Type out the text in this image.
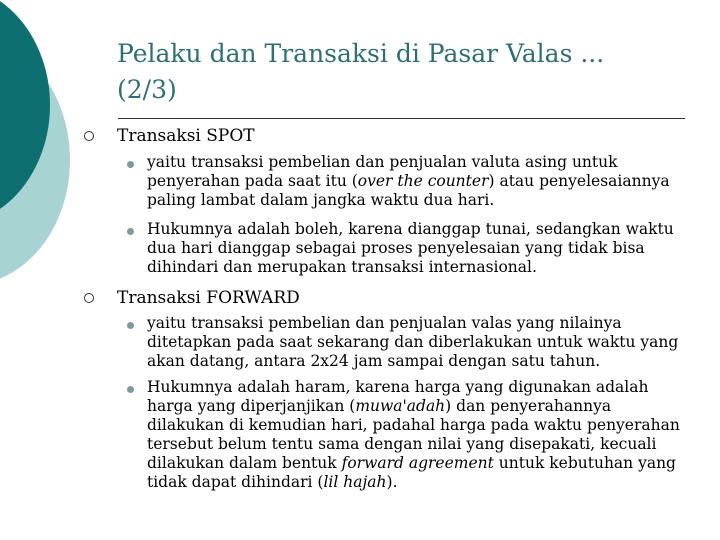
Pelaku dan Transaksi di Pasar Valas ...
(2/3)
Transaksi SPOT
yaitu transaksi pembelian dan penjualan valuta asing untuk penyerahan pada saat itu (over the counter) atau penyelesaiannya paling lambat dalam jangka waktu dua hari.
Hukumnya adalah boleh, karena dianggap tunai, sedangkan waktu dua hari dianggap sebagai proses penyelesaian yang tidak bisa dihindari dan merupakan transaksi internasional.
Transaksi FORWARD
yaitu transaksi pembelian dan penjualan valas yang nilainya ditetapkan pada saat sekarang dan diberlakukan untuk waktu yang akan datang, antara 2x24 jam sampai dengan satu tahun.
Hukumnya adalah haram, karena harga yang digunakan adalah harga yang diperjanjikan (muwa'adah) dan penyerahannya dilakukan di kemudian hari, padahal harga pada waktu penyerahan tersebut belum tentu sama dengan nilai yang disepakati, kecuali dilakukan dalam bentuk forward agreement untuk kebutuhan yang tidak dapat dihindari (lil hajah).
